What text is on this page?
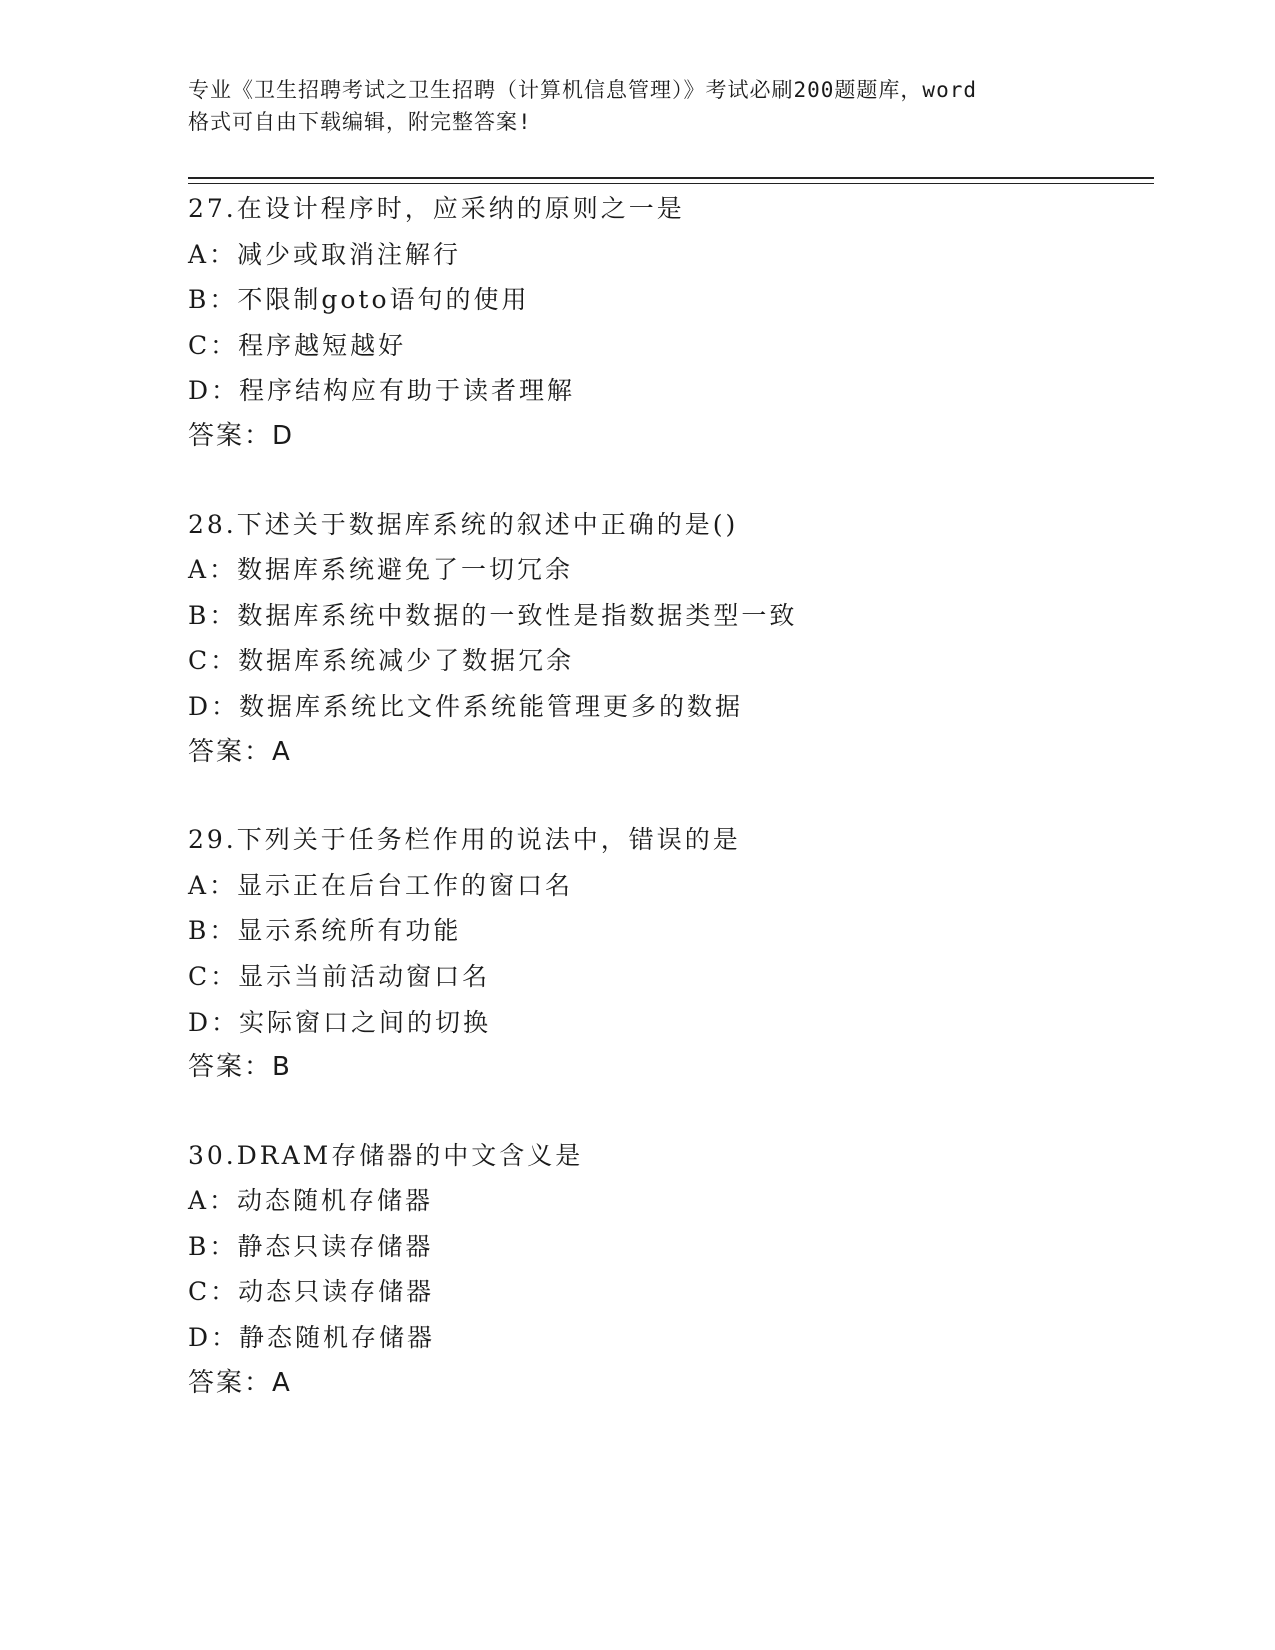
专业《卫生招聘考试之卫生招聘（计算机信息管理）》考试必刷200题题库，word
格式可自由下载编辑，附完整答案!
27.在设计程序时，应采纳的原则之一是
A：减少或取消注解行
B：不限制goto语句的使用
C：程序越短越好
D：程序结构应有助于读者理解
答案：D
28.下述关于数据库系统的叙述中正确的是()
A：数据库系统避免了一切冗余
B：数据库系统中数据的一致性是指数据类型一致
C：数据库系统减少了数据冗余
D：数据库系统比文件系统能管理更多的数据
答案：A
29.下列关于任务栏作用的说法中，错误的是
A：显示正在后台工作的窗口名
B：显示系统所有功能
C：显示当前活动窗口名
D：实际窗口之间的切换
答案：B
30.DRAM存储器的中文含义是
A：动态随机存储器
B：静态只读存储器
C：动态只读存储器
D：静态随机存储器
答案：A
